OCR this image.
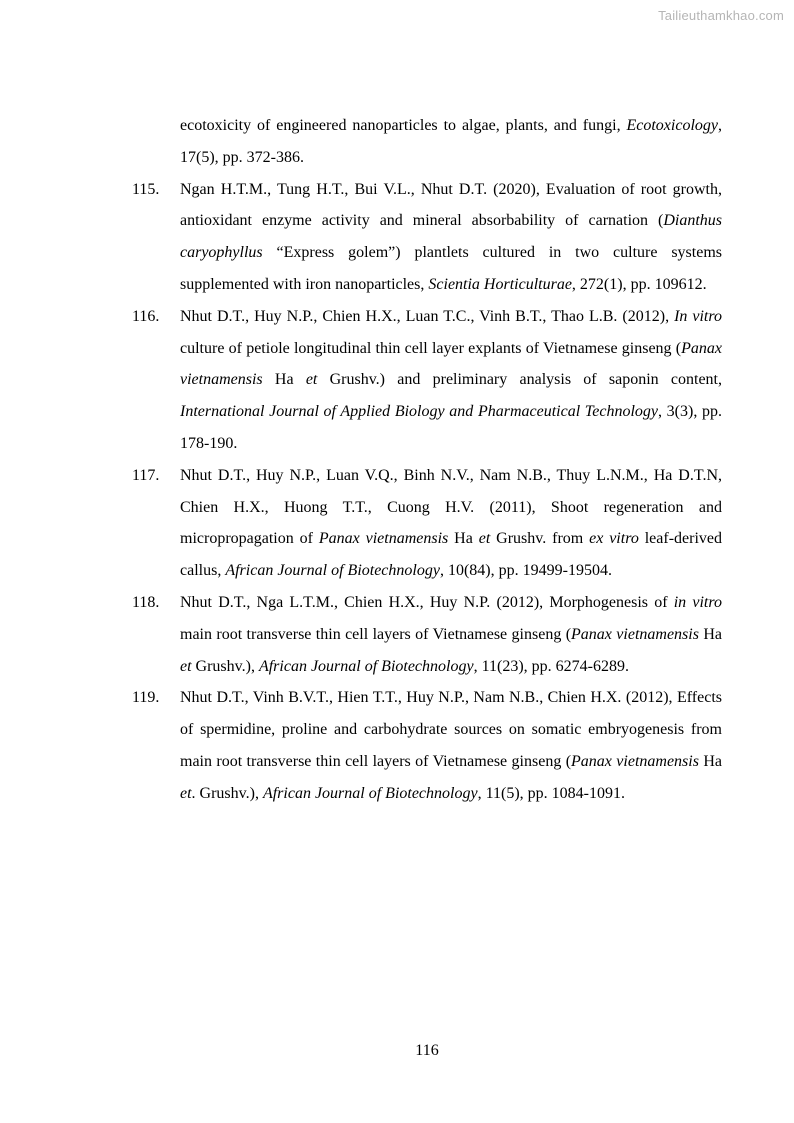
Tailieuthamkhao.com
ecotoxicity of engineered nanoparticles to algae, plants, and fungi, Ecotoxicology, 17(5), pp. 372-386.
115.	Ngan H.T.M., Tung H.T., Bui V.L., Nhut D.T. (2020), Evaluation of root growth, antioxidant enzyme activity and mineral absorbability of carnation (Dianthus caryophyllus “Express golem”) plantlets cultured in two culture systems supplemented with iron nanoparticles, Scientia Horticulturae, 272(1), pp. 109612.
116.	Nhut D.T., Huy N.P., Chien H.X., Luan T.C., Vinh B.T., Thao L.B. (2012), In vitro culture of petiole longitudinal thin cell layer explants of Vietnamese ginseng (Panax vietnamensis Ha et Grushv.) and preliminary analysis of saponin content, International Journal of Applied Biology and Pharmaceutical Technology, 3(3), pp. 178-190.
117.	Nhut D.T., Huy N.P., Luan V.Q., Binh N.V., Nam N.B., Thuy L.N.M., Ha D.T.N, Chien H.X., Huong T.T., Cuong H.V. (2011), Shoot regeneration and micropropagation of Panax vietnamensis Ha et Grushv. from ex vitro leaf-derived callus, African Journal of Biotechnology, 10(84), pp. 19499-19504.
118.	Nhut D.T., Nga L.T.M., Chien H.X., Huy N.P. (2012), Morphogenesis of in vitro main root transverse thin cell layers of Vietnamese ginseng (Panax vietnamensis Ha et Grushv.), African Journal of Biotechnology, 11(23), pp. 6274-6289.
119.	Nhut D.T., Vinh B.V.T., Hien T.T., Huy N.P., Nam N.B., Chien H.X. (2012), Effects of spermidine, proline and carbohydrate sources on somatic embryogenesis from main root transverse thin cell layers of Vietnamese ginseng (Panax vietnamensis Ha et. Grushv.), African Journal of Biotechnology, 11(5), pp. 1084-1091.
116
